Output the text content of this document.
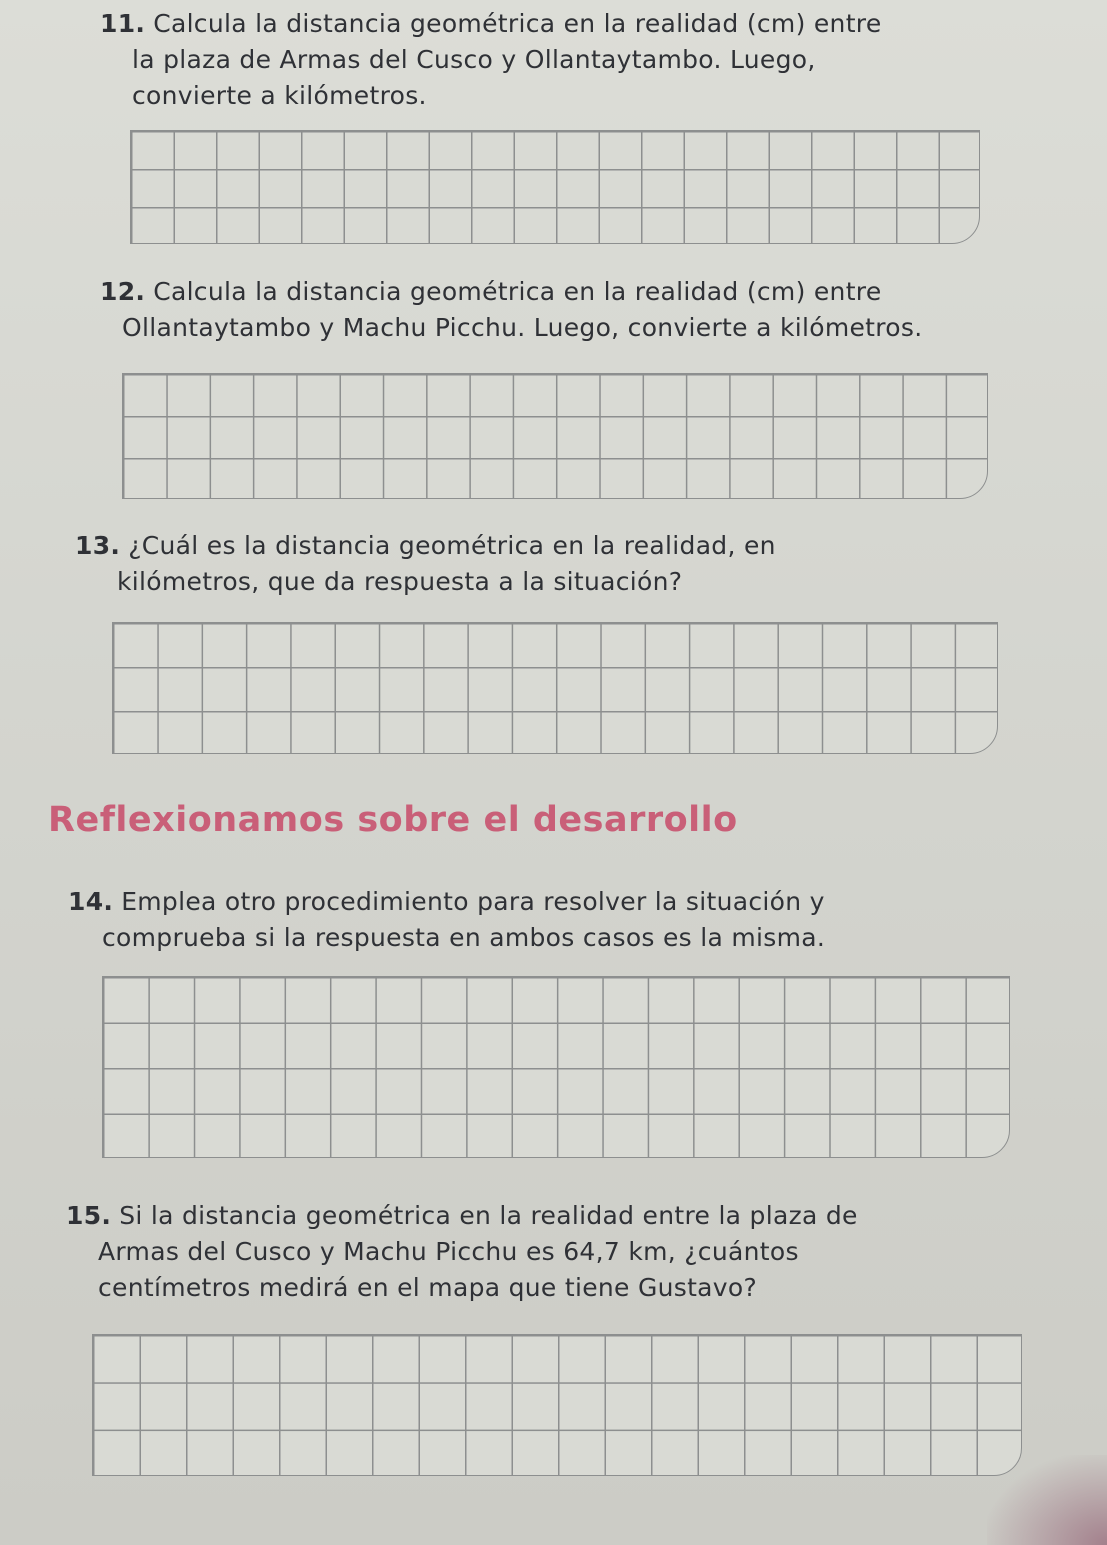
11. Calcula la distancia geométrica en la realidad (cm) entre
la plaza de Armas del Cusco y Ollantaytambo. Luego,
convierte a kilómetros.
12. Calcula la distancia geométrica en la realidad (cm) entre
Ollantaytambo y Machu Picchu. Luego, convierte a kilómetros.
13. ¿Cuál es la distancia geométrica en la realidad, en
kilómetros, que da respuesta a la situación?
Reflexionamos sobre el desarrollo
14. Emplea otro procedimiento para resolver la situación y
comprueba si la respuesta en ambos casos es la misma.
15. Si la distancia geométrica en la realidad entre la plaza de
Armas del Cusco y Machu Picchu es 64,7 km, ¿cuántos
centímetros medirá en el mapa que tiene Gustavo?
